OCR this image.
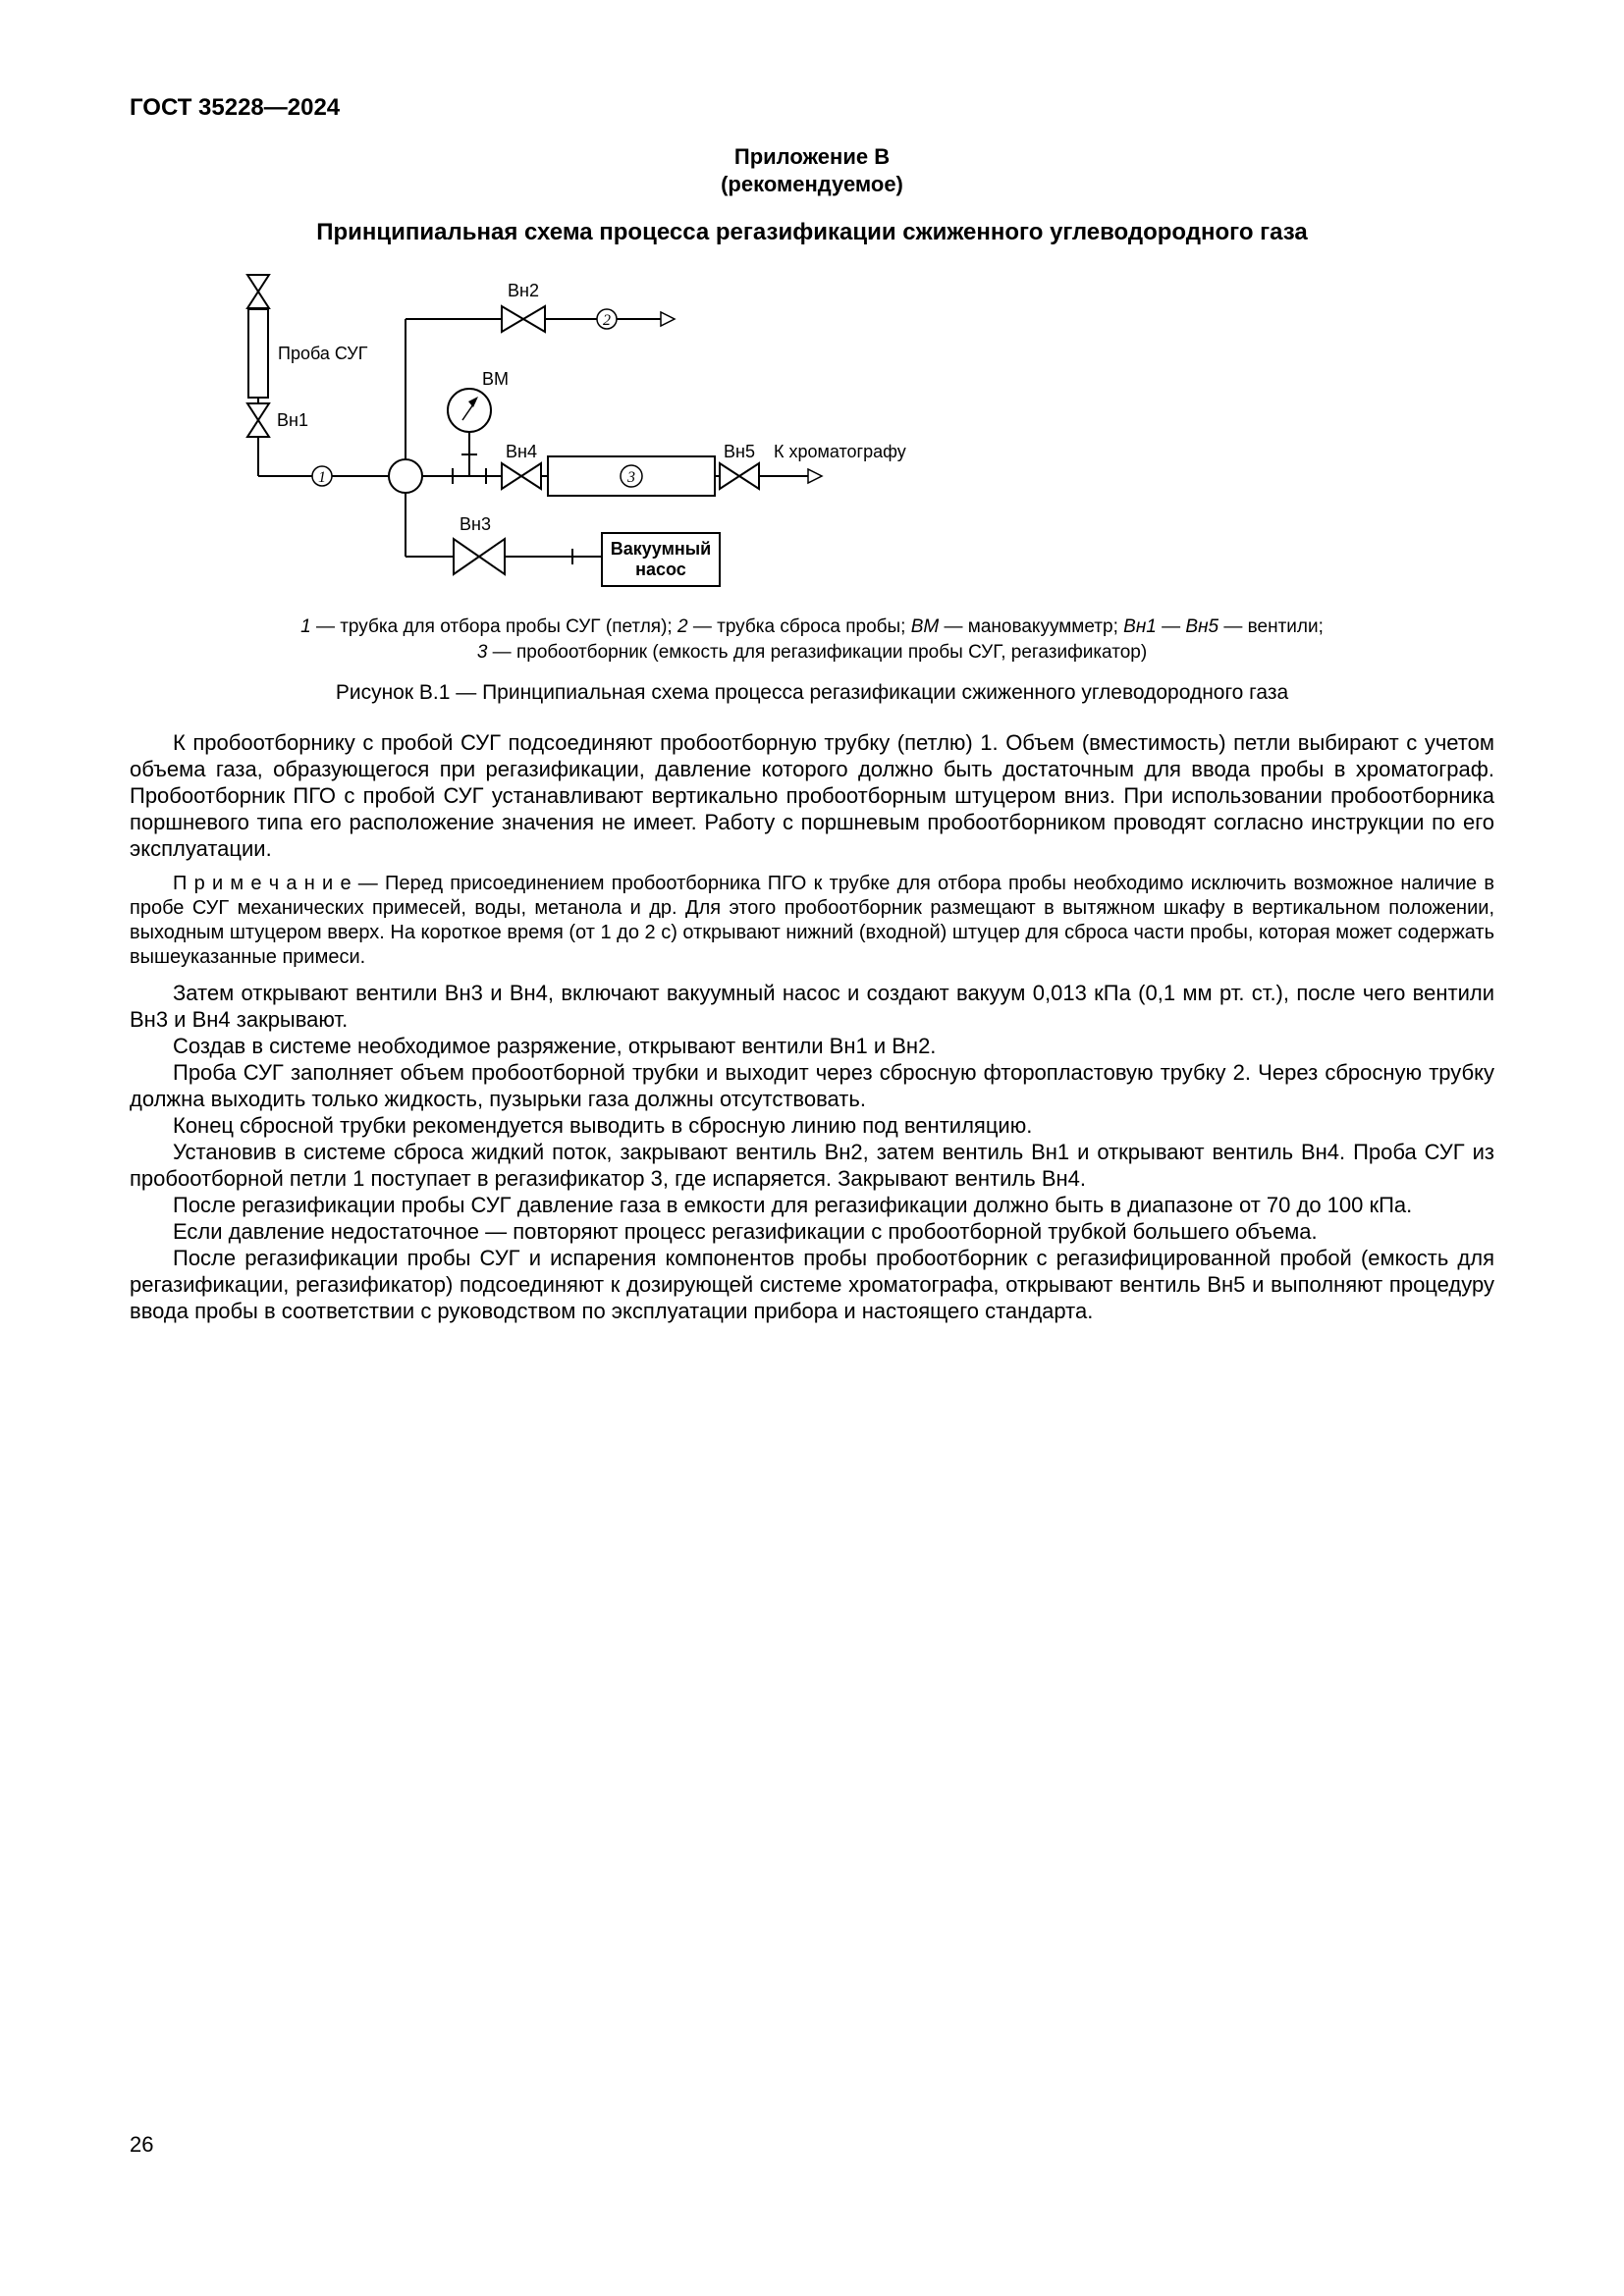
ГОСТ 35228—2024
Приложение В
(рекомендуемое)
Принципиальная схема процесса регазификации сжиженного углеводородного газа
Проба СУГ
Вн1
1
Вн2
2
ВМ
Вн4
3
Вн5 К хроматографу
Вн3
Вакуумный
насос
1 — трубка для отбора пробы СУГ (петля); 2 — трубка сброса пробы; ВМ — мановакуумметр; Вн1 — Вн5 — вентили;
3 — пробоотборник (емкость для регазификации пробы СУГ, регазификатор)
Рисунок В.1 — Принципиальная схема процесса регазификации сжиженного углеводородного газа

К пробоотборнику с пробой СУГ подсоединяют пробоотборную трубку (петлю) 1. Объем (вместимость) петли выбирают с учетом объема газа, образующегося при регазификации, давление которого должно быть достаточным для ввода пробы в хроматограф. Пробоотборник ПГО с пробой СУГ устанавливают вертикально пробоотборным штуцером вниз. При использовании пробоотборника поршневого типа его расположение значения не имеет. Работу с поршневым пробоотборником проводят согласно инструкции по его эксплуатации.

П р и м е ч а н и е — Перед присоединением пробоотборника ПГО к трубке для отбора пробы необходимо исключить возможное наличие в пробе СУГ механических примесей, воды, метанола и др. Для этого пробоотборник размещают в вытяжном шкафу в вертикальном положении, выходным штуцером вверх. На короткое время (от 1 до 2 с) открывают нижний (входной) штуцер для сброса части пробы, которая может содержать вышеуказанные примеси.

Затем открывают вентили Вн3 и Вн4, включают вакуумный насос и создают вакуум 0,013 кПа (0,1 мм рт. ст.), после чего вентили Вн3 и Вн4 закрывают.

Создав в системе необходимое разряжение, открывают вентили Вн1 и Вн2.

Проба СУГ заполняет объем пробоотборной трубки и выходит через сбросную фторопластовую трубку 2. Через сбросную трубку должна выходить только жидкость, пузырьки газа должны отсутствовать.

Конец сбросной трубки рекомендуется выводить в сбросную линию под вентиляцию.

Установив в системе сброса жидкий поток, закрывают вентиль Вн2, затем вентиль Вн1 и открывают вентиль Вн4. Проба СУГ из пробоотборной петли 1 поступает в регазификатор 3, где испаряется. Закрывают вентиль Вн4.

После регазификации пробы СУГ давление газа в емкости для регазификации должно быть в диапазоне от 70 до 100 кПа.

Если давление недостаточное — повторяют процесс регазификации с пробоотборной трубкой большего объема.

После регазификации пробы СУГ и испарения компонентов пробы пробоотборник с регазифицированной пробой (емкость для регазификации, регазификатор) подсоединяют к дозирующей системе хроматографа, открывают вентиль Вн5 и выполняют процедуру ввода пробы в соответствии с руководством по эксплуатации прибора и настоящего стандарта.

26
